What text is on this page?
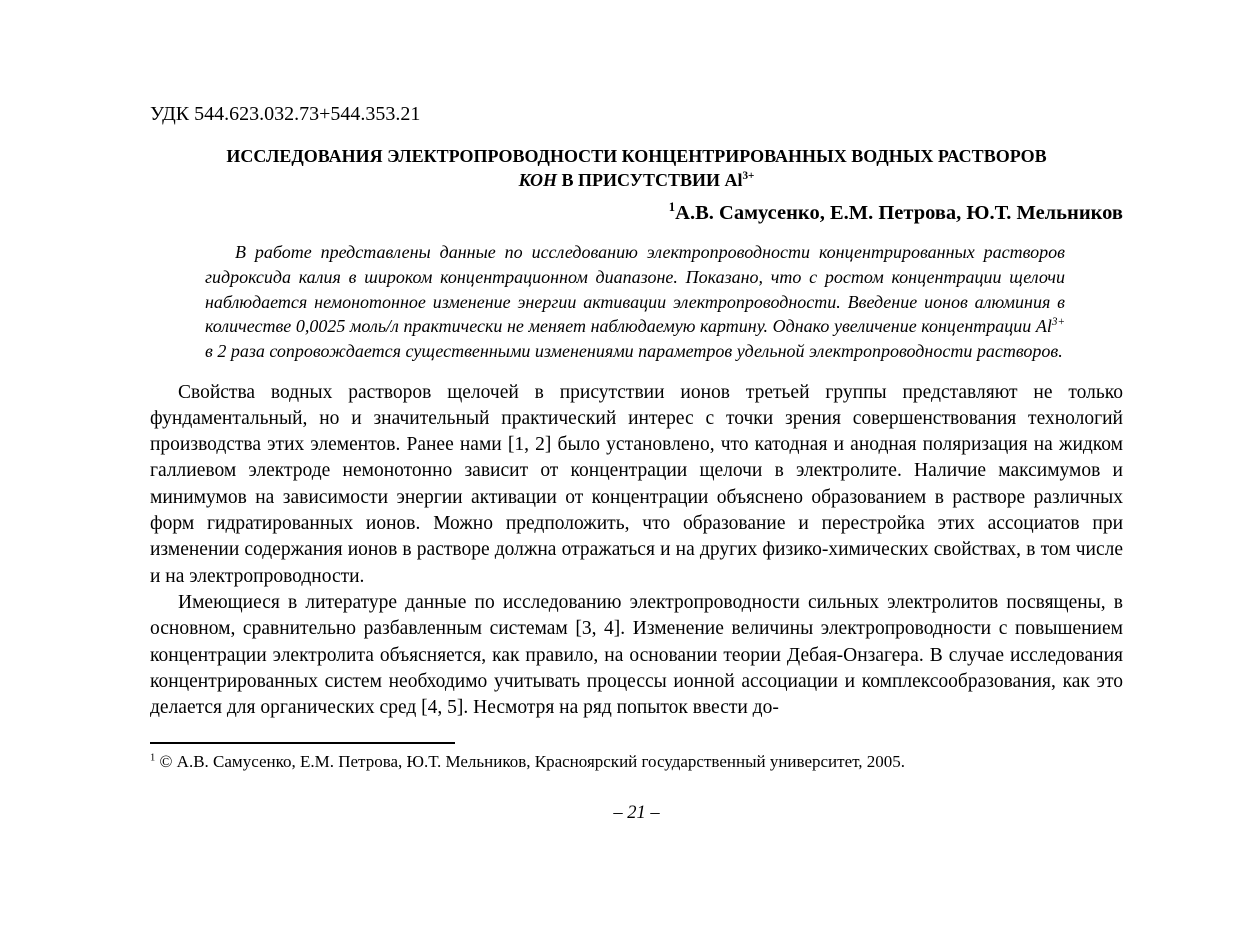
УДК 544.623.032.73+544.353.21
ИССЛЕДОВАНИЯ ЭЛЕКТРОПРОВОДНОСТИ КОНЦЕНТРИРОВАННЫХ ВОДНЫХ РАСТВОРОВ
КОН В ПРИСУТСТВИИ $Al^{3+}$
$^1$А.В. Самусенко, Е.М. Петрова, Ю.Т. Мельников
В работе представлены данные по исследованию электропроводности концентрированных растворов гидроксида калия в широком концентрационном диапазоне. Показано, что с ростом концентрации щелочи наблюдается немонотонное изменение энергии активации электропроводности. Введение ионов алюминия в количестве 0,0025 моль/л практически не меняет наблюдаемую картину. Однако увеличение концентрации $Al^{3+}$ в 2 раза сопровождается существенными изменениями параметров удельной электропроводности растворов.

Свойства водных растворов щелочей в присутствии ионов третьей группы представляют не только фундаментальный, но и значительный практический интерес с точки зрения совершенствования технологий производства этих элементов. Ранее нами [1, 2] было установлено, что катодная и анодная поляризация на жидком галлиевом электроде немонотонно зависит от концентрации щелочи в электролите. Наличие максимумов и минимумов на зависимости энергии активации от концентрации объяснено образованием в растворе различных форм гидратированных ионов. Можно предположить, что образование и перестройка этих ассоциатов при изменении содержания ионов в растворе должна отражаться и на других физико-химических свойствах, в том числе и на электропроводности.

Имеющиеся в литературе данные по исследованию электропроводности сильных электролитов посвящены, в основном, сравнительно разбавленным системам [3, 4]. Изменение величины электропроводности с повышением концентрации электролита объясняется, как правило, на основании теории Дебая-Онзагера. В случае исследования концентрированных систем необходимо учитывать процессы ионной ассоциации и комплексообразования, как это делается для органических сред [4, 5]. Несмотря на ряд попыток ввести до-

$^1$ © А.В. Самусенко, Е.М. Петрова, Ю.Т. Мельников, Красноярский государственный университет, 2005.
– 21 –
